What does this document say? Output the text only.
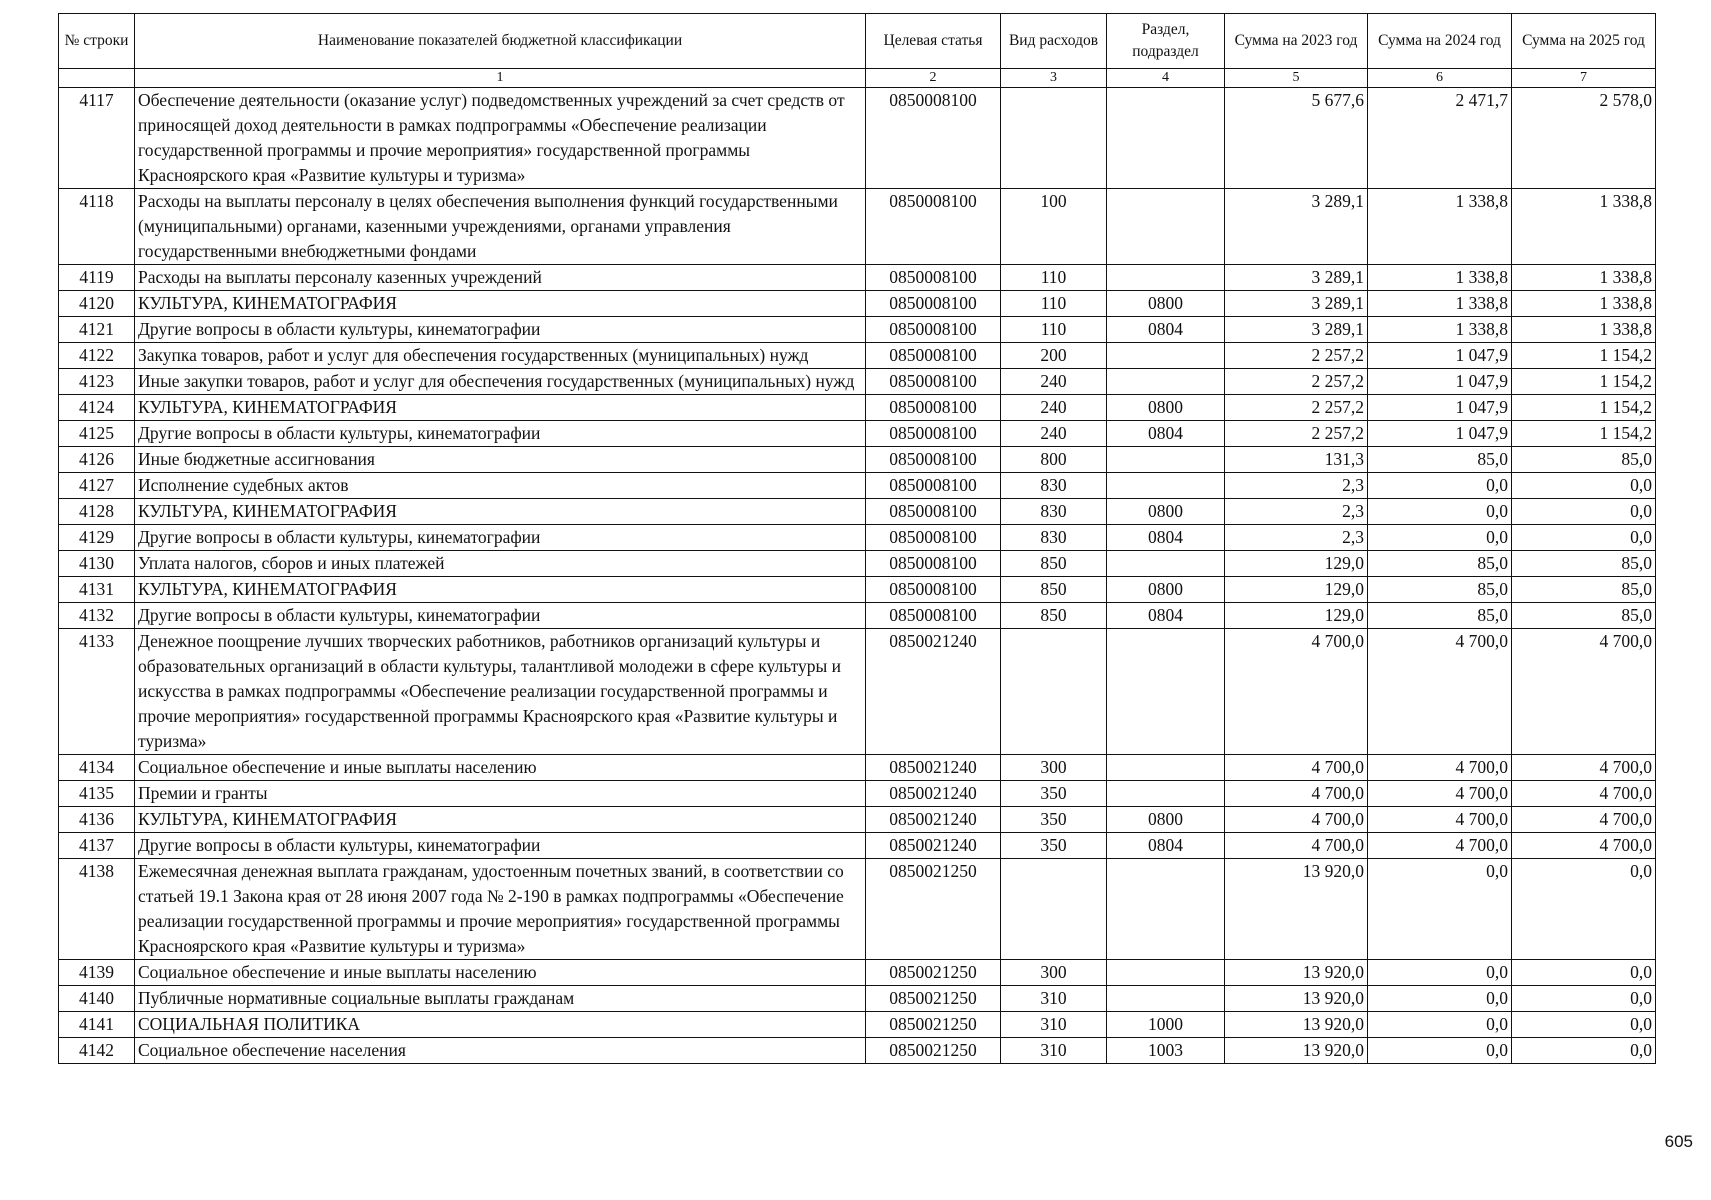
№ строки	Наименование показателей бюджетной классификации	Целевая статья	Вид расходов	Раздел, подраздел	Сумма на 2023 год	Сумма на 2024 год	Сумма на 2025 год
	1	2	3	4	5	6	7
4117	Обеспечение деятельности (оказание услуг) подведомственных учреждений за счет средств от приносящей доход деятельности в рамках подпрограммы «Обеспечение реализации государственной программы и прочие мероприятия» государственной программы Красноярского края «Развитие культуры и туризма»	0850008100			5 677,6	2 471,7	2 578,0
4118	Расходы на выплаты персоналу в целях обеспечения выполнения функций государственными (муниципальными) органами, казенными учреждениями, органами управления государственными внебюджетными фондами	0850008100	100		3 289,1	1 338,8	1 338,8
4119	Расходы на выплаты персоналу казенных учреждений	0850008100	110		3 289,1	1 338,8	1 338,8
4120	КУЛЬТУРА, КИНЕМАТОГРАФИЯ	0850008100	110	0800	3 289,1	1 338,8	1 338,8
4121	Другие вопросы в области культуры, кинематографии	0850008100	110	0804	3 289,1	1 338,8	1 338,8
4122	Закупка товаров, работ и услуг для обеспечения государственных (муниципальных) нужд	0850008100	200		2 257,2	1 047,9	1 154,2
4123	Иные закупки товаров, работ и услуг для обеспечения государственных (муниципальных) нужд	0850008100	240		2 257,2	1 047,9	1 154,2
4124	КУЛЬТУРА, КИНЕМАТОГРАФИЯ	0850008100	240	0800	2 257,2	1 047,9	1 154,2
4125	Другие вопросы в области культуры, кинематографии	0850008100	240	0804	2 257,2	1 047,9	1 154,2
4126	Иные бюджетные ассигнования	0850008100	800		131,3	85,0	85,0
4127	Исполнение судебных актов	0850008100	830		2,3	0,0	0,0
4128	КУЛЬТУРА, КИНЕМАТОГРАФИЯ	0850008100	830	0800	2,3	0,0	0,0
4129	Другие вопросы в области культуры, кинематографии	0850008100	830	0804	2,3	0,0	0,0
4130	Уплата налогов, сборов и иных платежей	0850008100	850		129,0	85,0	85,0
4131	КУЛЬТУРА, КИНЕМАТОГРАФИЯ	0850008100	850	0800	129,0	85,0	85,0
4132	Другие вопросы в области культуры, кинематографии	0850008100	850	0804	129,0	85,0	85,0
4133	Денежное поощрение лучших творческих работников, работников организаций культуры и образовательных организаций в области культуры, талантливой молодежи в сфере культуры и искусства в рамках подпрограммы «Обеспечение реализации государственной программы и прочие мероприятия» государственной программы Красноярского края «Развитие культуры и туризма»	0850021240			4 700,0	4 700,0	4 700,0
4134	Социальное обеспечение и иные выплаты населению	0850021240	300		4 700,0	4 700,0	4 700,0
4135	Премии и гранты	0850021240	350		4 700,0	4 700,0	4 700,0
4136	КУЛЬТУРА, КИНЕМАТОГРАФИЯ	0850021240	350	0800	4 700,0	4 700,0	4 700,0
4137	Другие вопросы в области культуры, кинематографии	0850021240	350	0804	4 700,0	4 700,0	4 700,0
4138	Ежемесячная денежная выплата гражданам, удостоенным почетных званий, в соответствии со статьей 19.1 Закона края от 28 июня 2007 года № 2-190 в рамках подпрограммы «Обеспечение реализации государственной программы и прочие мероприятия» государственной программы Красноярского края «Развитие культуры и туризма»	0850021250			13 920,0	0,0	0,0
4139	Социальное обеспечение и иные выплаты населению	0850021250	300		13 920,0	0,0	0,0
4140	Публичные нормативные социальные выплаты гражданам	0850021250	310		13 920,0	0,0	0,0
4141	СОЦИАЛЬНАЯ ПОЛИТИКА	0850021250	310	1000	13 920,0	0,0	0,0
4142	Социальное обеспечение населения	0850021250	310	1003	13 920,0	0,0	0,0
605
